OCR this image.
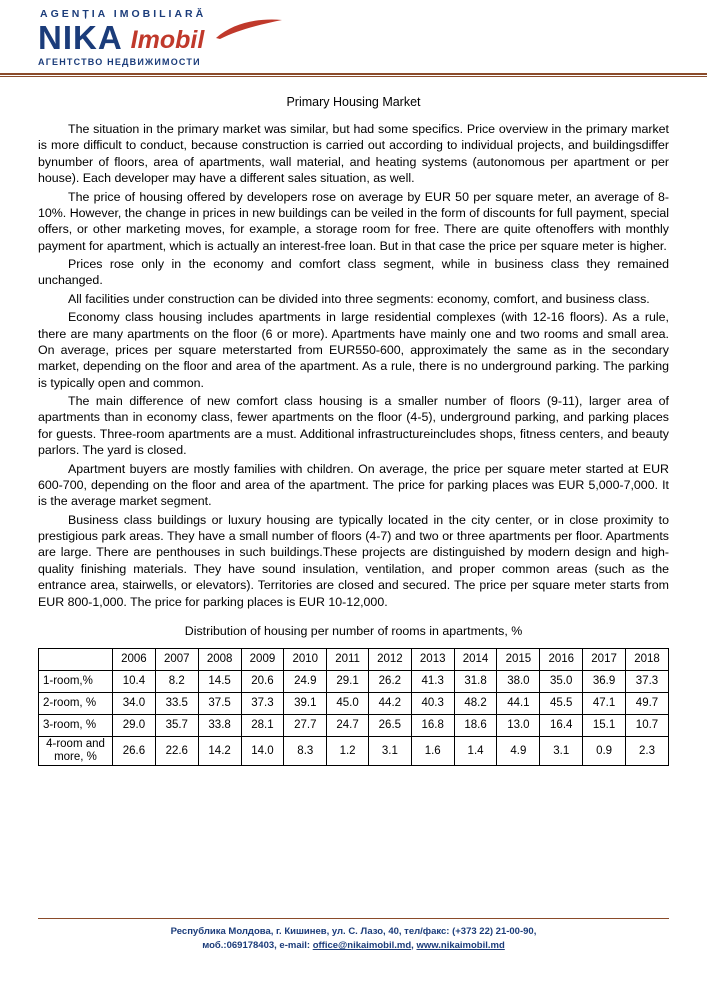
AGENȚIA IMOBILIARĂ
NIKA Imobil
АГЕНТСТВО НЕДВИЖИМОСТИ
Primary Housing Market

The situation in the primary market was similar, but had some specifics. Price overview in the primary market is more difficult to conduct, because construction is carried out according to individual projects, and buildingsdiffer bynumber of floors, area of apartments, wall material, and heating systems (autonomous per apartment or per house). Each developer may have a different sales situation, as well.

The price of housing offered by developers rose on average by EUR 50 per square meter, an average of 8-10%. However, the change in prices in new buildings can be veiled in the form of discounts for full payment, special offers, or other marketing moves, for example, a storage room for free. There are quite oftenoffers with monthly payment for apartment, which is actually an interest-free loan. But in that case the price per square meter is higher.

Prices rose only in the economy and comfort class segment, while in business class they remained unchanged.

All facilities under construction can be divided into three segments: economy, comfort, and business class.

Economy class housing includes apartments in large residential complexes (with 12-16 floors). As a rule, there are many apartments on the floor (6 or more). Apartments have mainly one and two rooms and small area. On average, prices per square meterstarted from EUR550-600, approximately the same as in the secondary market, depending on the floor and area of the apartment. As a rule, there is no underground parking. The parking is typically open and common.

The main difference of new comfort class housing is a smaller number of floors (9-11), larger area of apartments than in economy class, fewer apartments on the floor (4-5), underground parking, and parking places for guests. Three-room apartments are a must. Additional infrastructureincludes shops, fitness centers, and beauty parlors. The yard is closed.

Apartment buyers are mostly families with children. On average, the price per square meter started at EUR 600-700, depending on the floor and area of the apartment. The price for parking places was EUR 5,000-7,000. It is the average market segment.

Business class buildings or luxury housing are typically located in the city center, or in close proximity to prestigious park areas. They have a small number of floors (4-7) and two or three apartments per floor. Apartments are large. There are penthouses in such buildings.These projects are distinguished by modern design and high-quality finishing materials. They have sound insulation, ventilation, and proper common areas (such as the entrance area, stairwells, or elevators). Territories are closed and secured. The price per square meter starts from EUR 800-1,000. The price for parking places is EUR 10-12,000.

Distribution of housing per number of rooms in apartments, %
	2006	2007	2008	2009	2010	2011	2012	2013	2014	2015	2016	2017	2018
1-room,%	10.4	8.2	14.5	20.6	24.9	29.1	26.2	41.3	31.8	38.0	35.0	36.9	37.3
2-room, %	34.0	33.5	37.5	37.3	39.1	45.0	44.2	40.3	48.2	44.1	45.5	47.1	49.7
3-room, %	29.0	35.7	33.8	28.1	27.7	24.7	26.5	16.8	18.6	13.0	16.4	15.1	10.7
4-room and more, %	26.6	22.6	14.2	14.0	8.3	1.2	3.1	1.6	1.4	4.9	3.1	0.9	2.3
Республика Молдова, г. Кишинев, ул. С. Лазо, 40, тел/факс: (+373 22) 21-00-90,
моб.:069178403, e-mail: office@nikaimobil.md, www.nikaimobil.md
